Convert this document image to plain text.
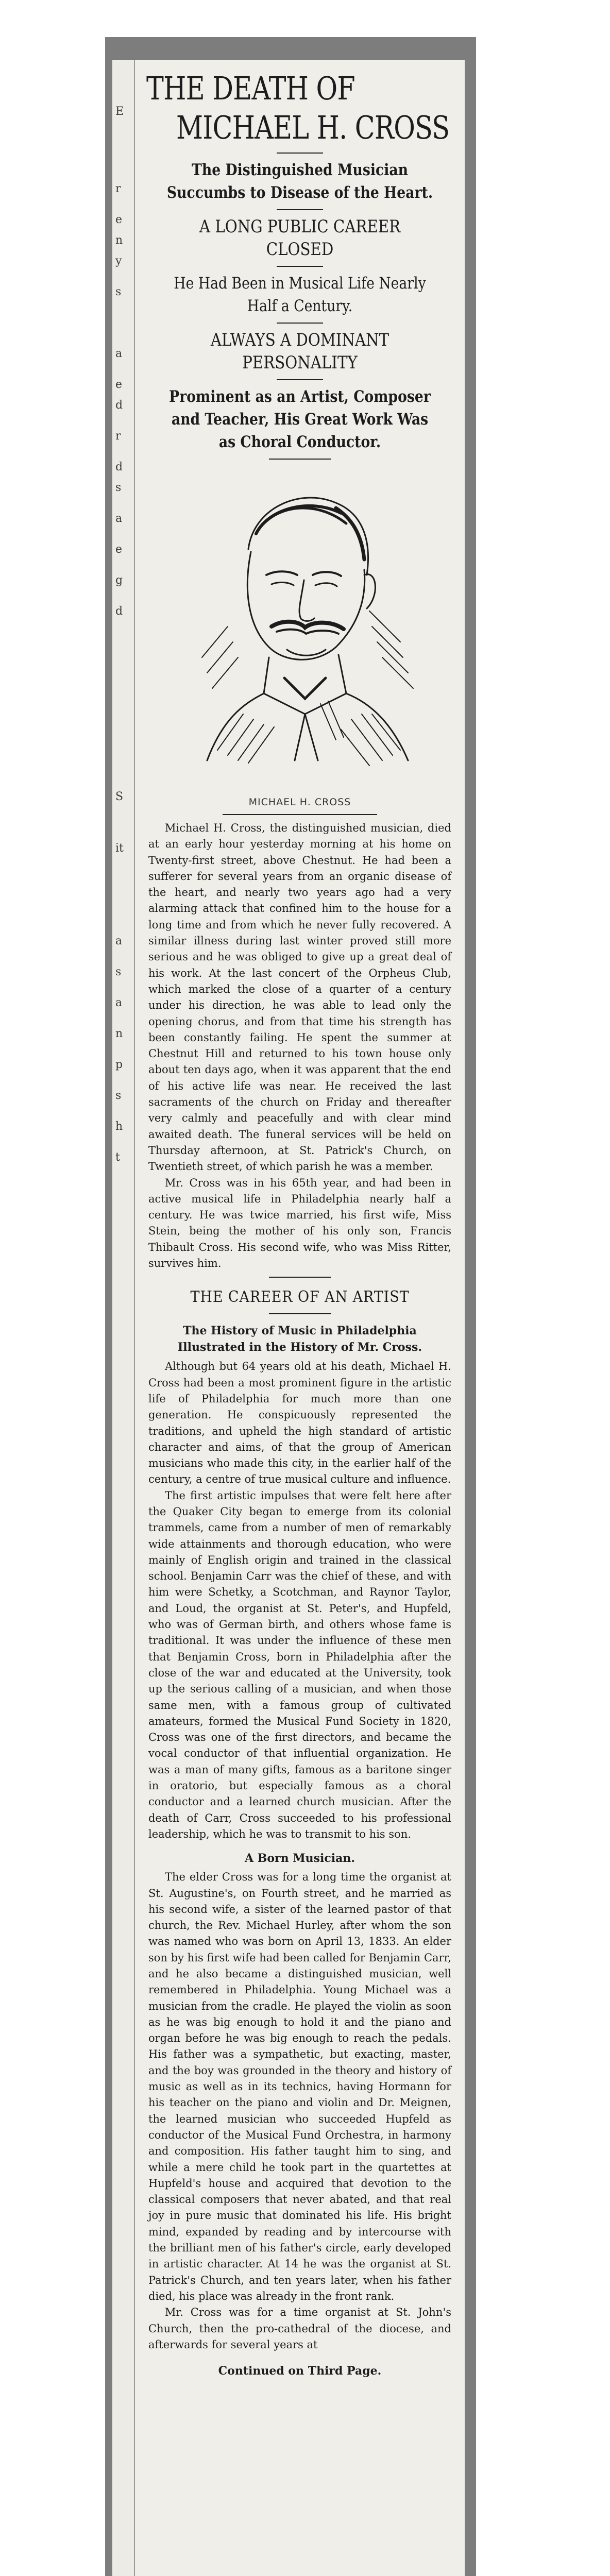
E
r
e
n
y
s
a
e
d
r
d
s
a
e
g
d
S
it
a
s
a
n
p
s
h
t
THE DEATH OF
MICHAEL H. CROSS
The Distinguished Musician Succumbs to Disease of the Heart.
A LONG PUBLIC CAREER CLOSED
He Had Been in Musical Life Nearly Half a Century.
ALWAYS A DOMINANT PERSONALITY
Prominent as an Artist, Composer and Teacher, His Great Work Was as Choral Conductor.
MICHAEL H. CROSS

Michael H. Cross, the distinguished musician, died at an early hour yesterday morning at his home on Twenty-first street, above Chestnut. He had been a sufferer for several years from an organic disease of the heart, and nearly two years ago had a very alarming attack that confined him to the house for a long time and from which he never fully recovered. A similar illness during last winter proved still more serious and he was obliged to give up a great deal of his work. At the last concert of the Orpheus Club, which marked the close of a quarter of a century under his direction, he was able to lead only the opening chorus, and from that time his strength has been constantly failing. He spent the summer at Chestnut Hill and returned to his town house only about ten days ago, when it was apparent that the end of his active life was near. He received the last sacraments of the church on Friday and thereafter very calmly and peacefully and with clear mind awaited death. The funeral services will be held on Thursday afternoon, at St. Patrick's Church, on Twentieth street, of which parish he was a member.

Mr. Cross was in his 65th year, and had been in active musical life in Philadelphia nearly half a century. He was twice married, his first wife, Miss Stein, being the mother of his only son, Francis Thibault Cross. His second wife, who was Miss Ritter, survives him.

THE CAREER OF AN ARTIST
The History of Music in Philadelphia Illustrated in the History of Mr. Cross.

Although but 64 years old at his death, Michael H. Cross had been a most prominent figure in the artistic life of Philadelphia for much more than one generation. He conspicuously represented the traditions, and upheld the high standard of artistic character and aims, of that the group of American musicians who made this city, in the earlier half of the century, a centre of true musical culture and influence.

The first artistic impulses that were felt here after the Quaker City began to emerge from its colonial trammels, came from a number of men of remarkably wide attainments and thorough education, who were mainly of English origin and trained in the classical school. Benjamin Carr was the chief of these, and with him were Schetky, a Scotchman, and Raynor Taylor, and Loud, the organist at St. Peter's, and Hupfeld, who was of German birth, and others whose fame is traditional. It was under the influence of these men that Benjamin Cross, born in Philadelphia after the close of the war and educated at the University, took up the serious calling of a musician, and when those same men, with a famous group of cultivated amateurs, formed the Musical Fund Society in 1820, Cross was one of the first directors, and became the vocal conductor of that influential organization. He was a man of many gifts, famous as a baritone singer in oratorio, but especially famous as a choral conductor and a learned church musician. After the death of Carr, Cross succeeded to his professional leadership, which he was to transmit to his son.

A Born Musician.

The elder Cross was for a long time the organist at St. Augustine's, on Fourth street, and he married as his second wife, a sister of the learned pastor of that church, the Rev. Michael Hurley, after whom the son was named who was born on April 13, 1833. An elder son by his first wife had been called for Benjamin Carr, and he also became a distinguished musician, well remembered in Philadelphia. Young Michael was a musician from the cradle. He played the violin as soon as he was big enough to hold it and the piano and organ before he was big enough to reach the pedals. His father was a sympathetic, but exacting, master, and the boy was grounded in the theory and history of music as well as in its technics, having Hormann for his teacher on the piano and violin and Dr. Meignen, the learned musician who succeeded Hupfeld as conductor of the Musical Fund Orchestra, in harmony and composition. His father taught him to sing, and while a mere child he took part in the quartettes at Hupfeld's house and acquired that devotion to the classical composers that never abated, and that real joy in pure music that dominated his life. His bright mind, expanded by reading and by intercourse with the brilliant men of his father's circle, early developed in artistic character. At 14 he was the organist at St. Patrick's Church, and ten years later, when his father died, his place was already in the front rank.

Mr. Cross was for a time organist at St. John's Church, then the pro-cathedral of the diocese, and afterwards for several years at

Continued on Third Page.
